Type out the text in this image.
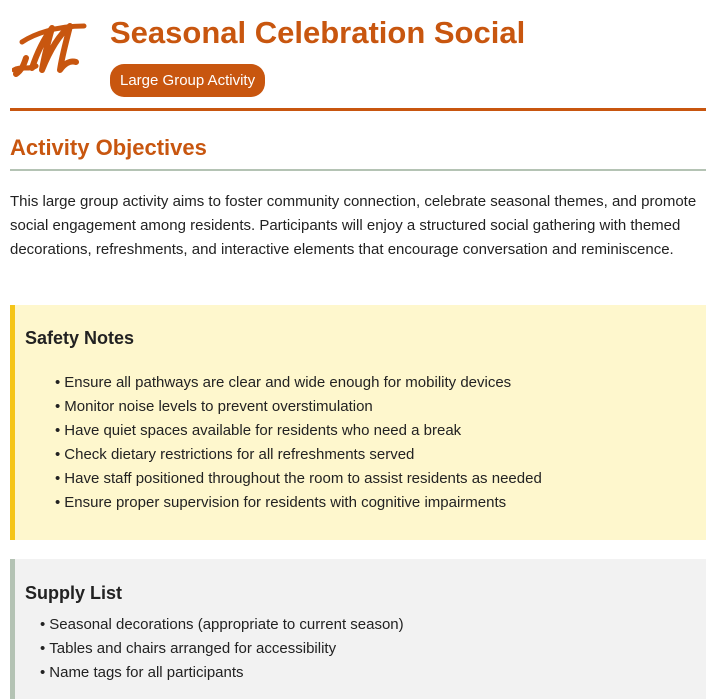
Seasonal Celebration Social
Large Group Activity
Activity Objectives

This large group activity aims to foster community connection, celebrate seasonal themes, and promote social engagement among residents. Participants will enjoy a structured social gathering with themed decorations, refreshments, and interactive elements that encourage conversation and reminiscence.

Safety Notes
• Ensure all pathways are clear and wide enough for mobility devices
• Monitor noise levels to prevent overstimulation
• Have quiet spaces available for residents who need a break
• Check dietary restrictions for all refreshments served
• Have staff positioned throughout the room to assist residents as needed
• Ensure proper supervision for residents with cognitive impairments
Supply List
• Seasonal decorations (appropriate to current season)
• Tables and chairs arranged for accessibility
• Name tags for all participants
